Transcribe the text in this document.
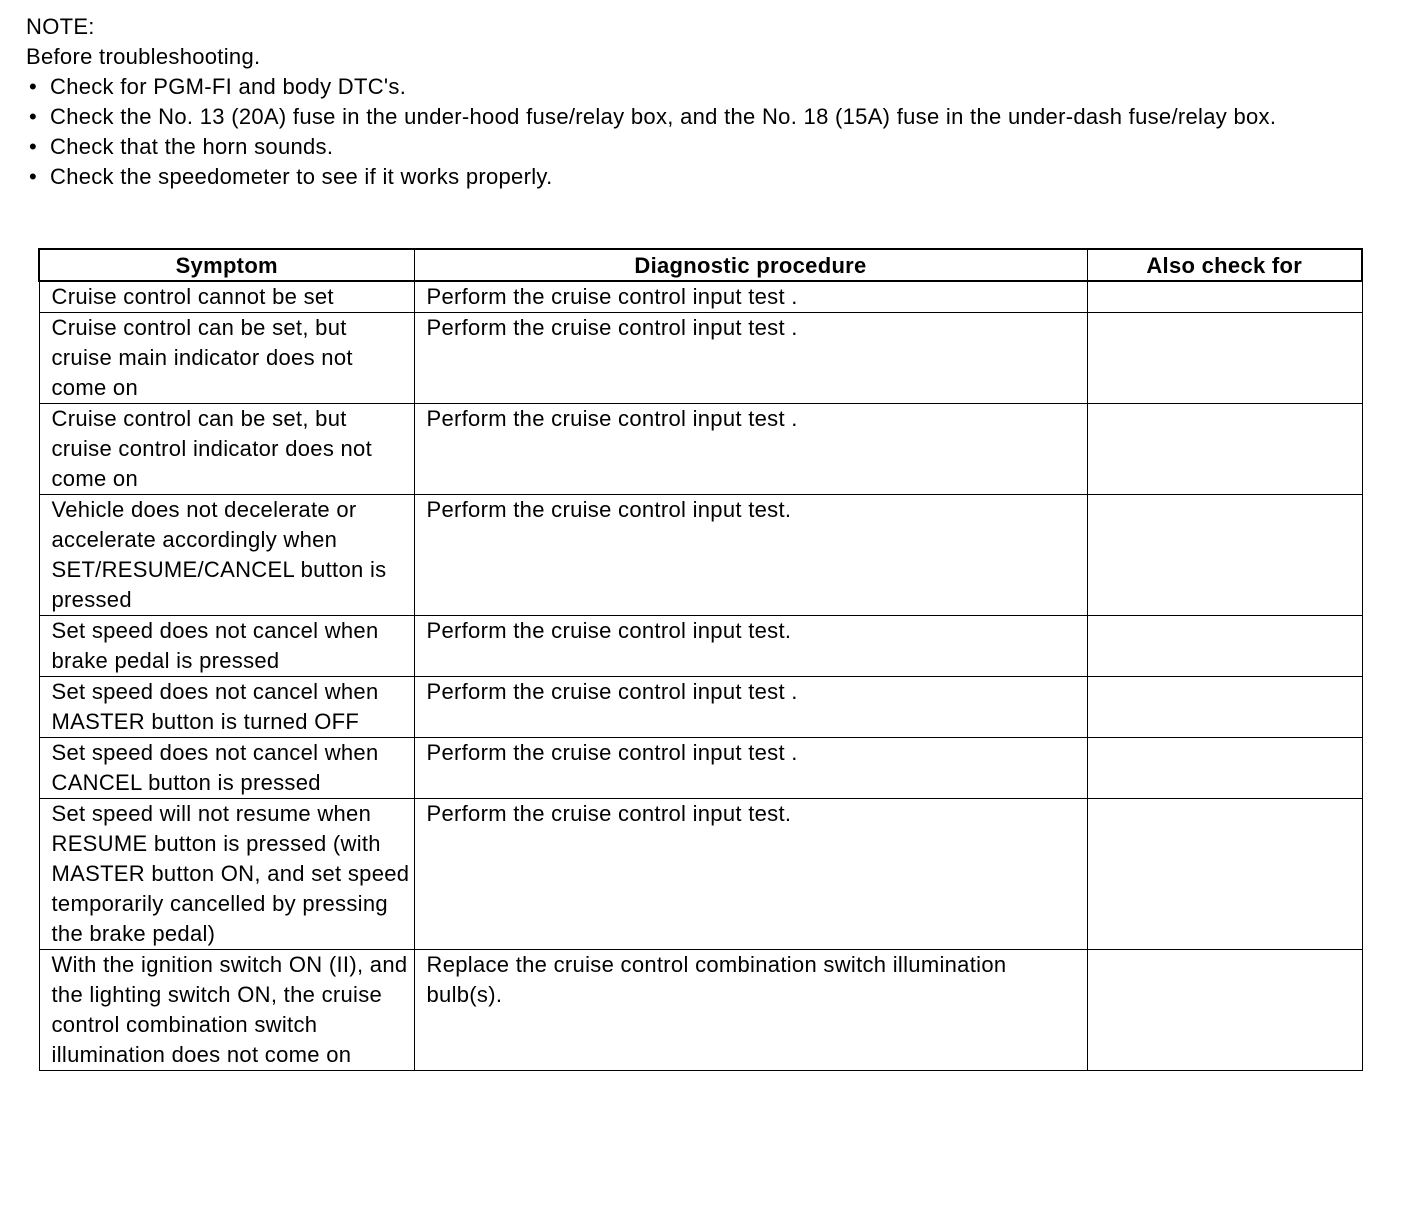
NOTE:
Before troubleshooting.
• Check for PGM-FI and body DTC's.
• Check the No. 13 (20A) fuse in the under-hood fuse/relay box, and the No. 18 (15A) fuse in the under-dash fuse/relay box.
• Check that the horn sounds.
• Check the speedometer to see if it works properly.
Symptom	Diagnostic procedure	Also check for
Cruise control cannot be set	Perform the cruise control input test .	
Cruise control can be set, but cruise main indicator does not come on	Perform the cruise control input test .	
Cruise control can be set, but cruise control indicator does not come on	Perform the cruise control input test .	
Vehicle does not decelerate or accelerate accordingly when SET/RESUME/CANCEL button is pressed	Perform the cruise control input test.	
Set speed does not cancel when brake pedal is pressed	Perform the cruise control input test.	
Set speed does not cancel when MASTER button is turned OFF	Perform the cruise control input test .	
Set speed does not cancel when CANCEL button is pressed	Perform the cruise control input test .	
Set speed will not resume when RESUME button is pressed (with MASTER button ON, and set speed temporarily cancelled by pressing the brake pedal)	Perform the cruise control input test.	
With the ignition switch ON (II), and the lighting switch ON, the cruise control combination switch illumination does not come on	Replace the cruise control combination switch illumination bulb(s).	
